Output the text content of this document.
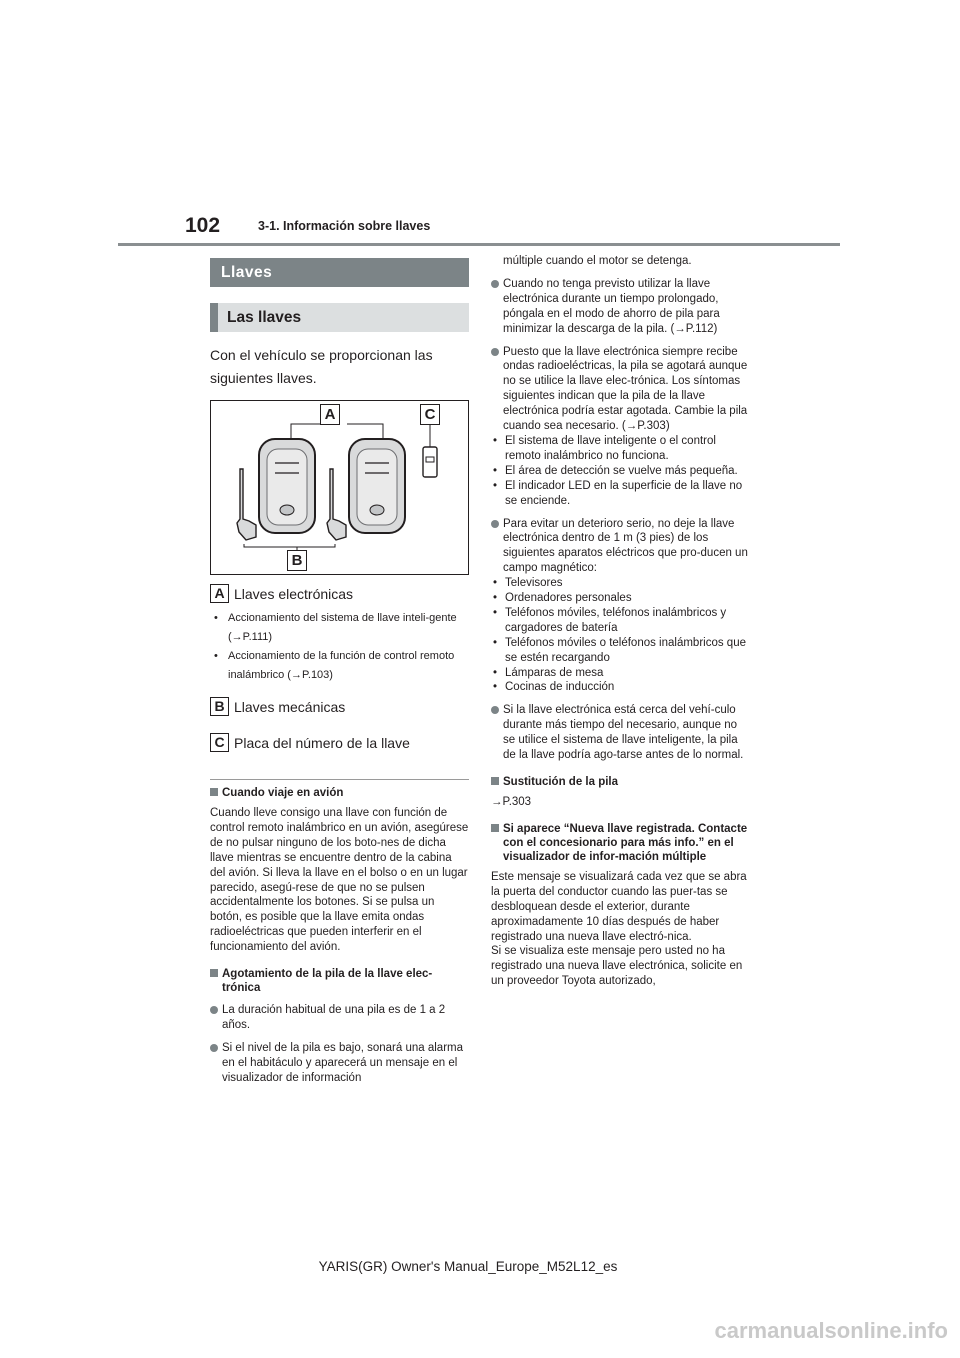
102	3-1. Información sobre llaves
Llaves
Las llaves
Con el vehículo se proporcionan las siguientes llaves.
A	C
B
A Llaves electrónicas
• Accionamiento del sistema de llave inteli-gente (→P.111)
• Accionamiento de la función de control remoto inalámbrico (→P.103)
B Llaves mecánicas
C Placa del número de la llave
Cuando viaje en avión
Cuando lleve consigo una llave con función de control remoto inalámbrico en un avión, asegúrese de no pulsar ninguno de los boto-nes de dicha llave mientras se encuentre dentro de la cabina del avión. Si lleva la llave en el bolso o en un lugar parecido, asegú-rese de que no se pulsen accidentalmente los botones. Si se pulsa un botón, es posible que la llave emita ondas radioeléctricas que pueden interferir en el funcionamiento del avión.
Agotamiento de la pila de la llave elec-trónica
La duración habitual de una pila es de 1 a 2 años.
Si el nivel de la pila es bajo, sonará una alarma en el habitáculo y aparecerá un mensaje en el visualizador de información
múltiple cuando el motor se detenga.
Cuando no tenga previsto utilizar la llave electrónica durante un tiempo prolongado, póngala en el modo de ahorro de pila para minimizar la descarga de la pila. (→P.112)
Puesto que la llave electrónica siempre recibe ondas radioeléctricas, la pila se agotará aunque no se utilice la llave elec-trónica. Los síntomas siguientes indican que la pila de la llave electrónica podría estar agotada. Cambie la pila cuando sea necesario. (→P.303)
• El sistema de llave inteligente o el control remoto inalámbrico no funciona.
• El área de detección se vuelve más pequeña.
• El indicador LED en la superficie de la llave no se enciende.
Para evitar un deterioro serio, no deje la llave electrónica dentro de 1 m (3 pies) de los siguientes aparatos eléctricos que pro-ducen un campo magnético:
• Televisores
• Ordenadores personales
• Teléfonos móviles, teléfonos inalámbricos y cargadores de batería
• Teléfonos móviles o teléfonos inalámbricos que se estén recargando
• Lámparas de mesa
• Cocinas de inducción
Si la llave electrónica está cerca del vehí-culo durante más tiempo del necesario, aunque no se utilice el sistema de llave inteligente, la pila de la llave podría ago-tarse antes de lo normal.
Sustitución de la pila
→P.303
Si aparece “Nueva llave registrada. Contacte con el concesionario para más info.” en el visualizador de infor-mación múltiple
Este mensaje se visualizará cada vez que se abra la puerta del conductor cuando las puer-tas se desbloquean desde el exterior, durante aproximadamente 10 días después de haber registrado una nueva llave electró-nica.
Si se visualiza este mensaje pero usted no ha registrado una nueva llave electrónica, solicite en un proveedor Toyota autorizado,
YARIS(GR) Owner's Manual_Europe_M52L12_es
carmanualsonline.info
